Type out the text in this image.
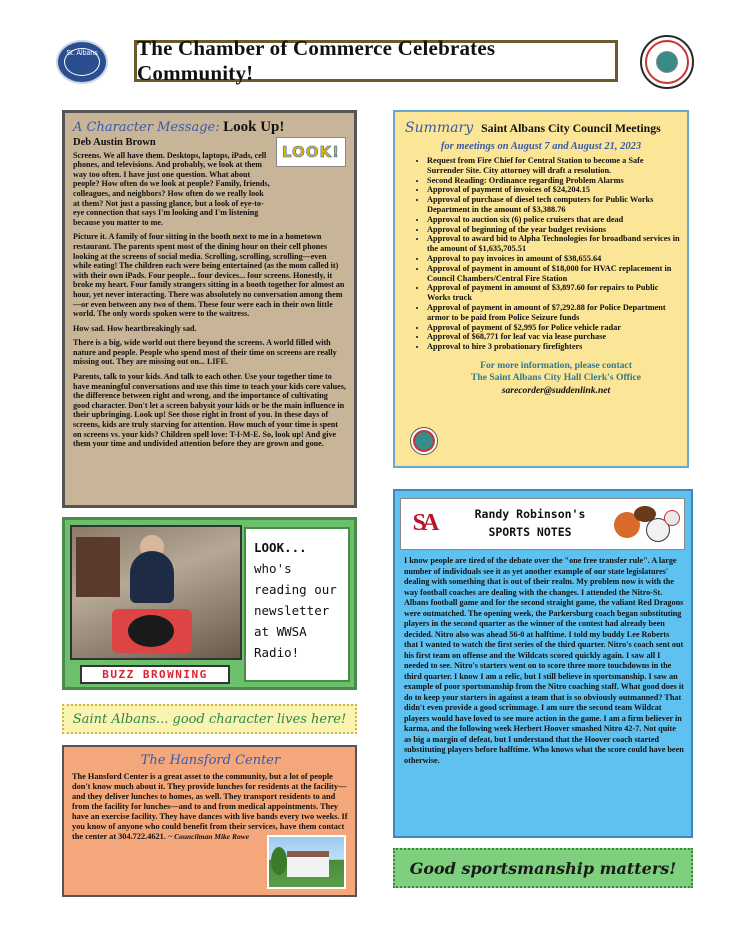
St. Albans The Chamber of Commerce Celebrates Community!
A Character Message: Look Up!
Deb Austin Brown

Screens. We all have them. Desktops, laptops, iPads, cell phones, and televisions. And probably, we look at them way too often. I have just one question. What about people? How often do we look at people? Family, friends, colleagues, and neighbors? How often do we really look at them? Not just a passing glance, but a look of eye-to-eye connection that says I'm looking and I'm listening because you matter to me.

Picture it. A family of four sitting in the booth next to me in a hometown restaurant. The parents spent most of the dining hour on their cell phones looking at the screens of social media. Scrolling, scrolling, scrolling—even while eating! The children each were being entertained (as the mom called it) with their own iPads. Four people... four devices... four screens. Honestly, it broke my heart. Four family strangers sitting in a booth together for almost an hour, yet never interacting. There was absolutely no conversation among them—or even between any two of them. These four were each in their own little world. The only words spoken were to the waitress.

How sad. How heartbreakingly sad.

There is a big, wide world out there beyond the screens. A world filled with nature and people. People who spend most of their time on screens are really missing out. They are missing out on... LIFE.

Parents, talk to your kids. And talk to each other. Use your together time to have meaningful conversations and use this time to teach your kids core values, the difference between right and wrong, and the importance of cultivating good character. Don't let a screen babysit your kids or be the main influence in their upbringing. Look up! See those right in front of you. In these days of screens, kids are truly starving for attention. How much of your time is spent on screens vs. your kids? Children spell love: T-I-M-E. So, look up! And give them your time and undivided attention before they are grown and gone.

LOOK!
BUZZ BROWNING
LOOK...
who's
reading our
newsletter
at WWSA
Radio!
Saint Albans... good character lives here!
The Hansford Center

The Hansford Center is a great asset to the community, but a lot of people don't know much about it. They provide lunches for residents at the facility—and they deliver lunches to homes, as well. They transport residents to and from the facility for lunches—and to and from medical appointments. They have an exercise facility. They have dances with live bands every two weeks. If you know of anyone who could benefit from their services, have them contact the center at 304.722.4621. ~ Councilman Mike Rowe

Summary Saint Albans City Council Meetings
for meetings on August 7 and August 21, 2023
• Request from Fire Chief for Central Station to become a Safe Surrender Site. City attorney will draft a resolution.
• Second Reading: Ordinance regarding Problem Alarms
• Approval of payment of invoices of $24,204.15
• Approval of purchase of diesel tech computers for Public Works Department in the amount of $3,388.76
• Approval to auction six (6) police cruisers that are dead
• Approval of beginning of the year budget revisions
• Approval to award bid to Alpha Technologies for broadband services in the amount of $1,635,705.51
• Approval to pay invoices in amount of $38,655.64
• Approval of payment in amount of $18,000 for HVAC replacement in Council Chambers/Central Fire Station
• Approval of payment in amount of $3,897.60 for repairs to Public Works truck
• Approval of payment in amount of $7,292.88 for Police Department armor to be paid from Police Seizure funds
• Approval of payment of $2,995 for Police vehicle radar
• Approval of $68,771 for leaf vac via lease purchase
• Approval to hire 3 probationary firefighters
For more information, please contact
The Saint Albans City Hall Clerk's Office
sarecorder@suddenlink.net
SA	Randy Robinson's
SPORTS NOTES
I know people are tired of the debate over the "one free transfer rule". A large number of individuals see it as yet another example of our state legislatures' dealing with something that is out of their realm. My problem now is with the way football coaches are dealing with the changes. I attended the Nitro-St. Albans football game and for the second straight game, the valiant Red Dragons were outmatched. The opening week, the Parkersburg coach began substituting players in the second quarter as the winner of the contest had already been decided. Nitro also was ahead 56-0 at halftime. I told my buddy Lee Roberts that I wanted to watch the first series of the third quarter. Nitro's coach sent out his first team on offense and the Wildcats scored quickly again. I saw all I needed to see. Nitro's starters went on to score three more touchdowns in the third quarter. I know I am a relic, but I still believe in sportsmanship. I saw an example of poor sportsmanship from the Nitro coaching staff. What good does it do to keep your starters in against a team that is so obviously outmanned? That didn't even provide a good scrimmage. I am sure the second team Wildcat players would have loved to see more action in the game. I am a firm believer in karma, and the following week Herbert Hoover smashed Nitro 42-7. Not quite as big a margin of defeat, but I understand that the Hoover coach started substituting players before halftime. Who knows what the score could have been otherwise.
Good sportsmanship matters!
